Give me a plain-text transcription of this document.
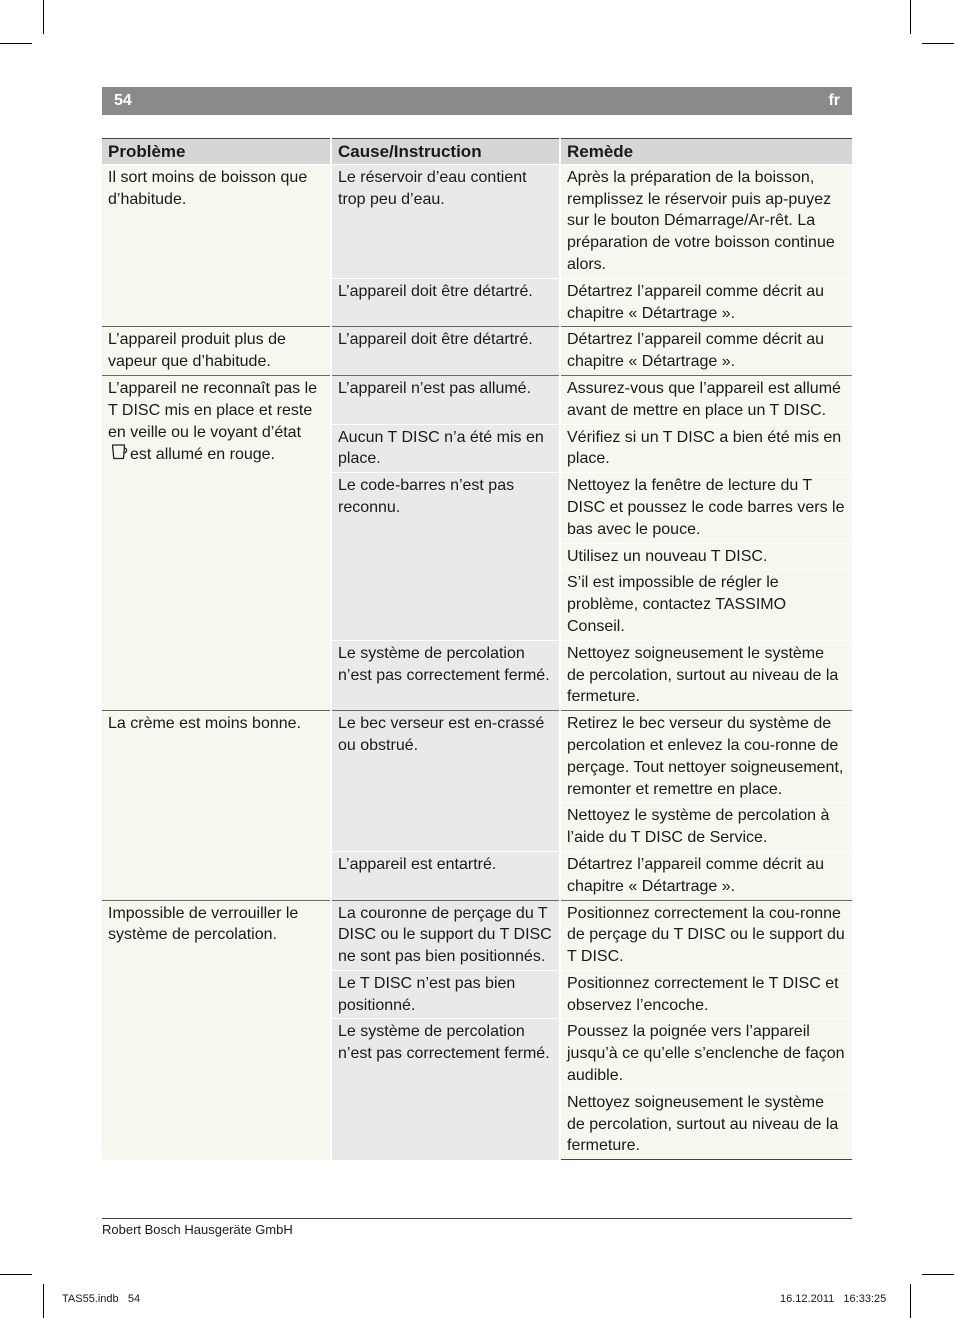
54	fr
Problème	Cause/Instruction	Remède
Il sort moins de boisson que d’habitude.	Le réservoir d’eau contient trop peu d’eau.	Après la préparation de la boisson, remplissez le réservoir puis ap-puyez sur le bouton Démarrage/Ar-rêt. La préparation de votre boisson continue alors.
	L’appareil doit être détartré.	Détartrez l’appareil comme décrit au chapitre « Détartrage ».
L’appareil produit plus de vapeur que d’habitude.	L’appareil doit être détartré.	Détartrez l’appareil comme décrit au chapitre « Détartrage ».
L’appareil ne reconnaît pas le T DISC mis en place et reste en veille ou le voyant d’état est allumé en rouge.	L’appareil n’est pas allumé.	Assurez-vous que l’appareil est allumé avant de mettre en place un T DISC.
	Aucun T DISC n’a été mis en place.	Vérifiez si un T DISC a bien été mis en place.
	Le code-barres n’est pas reconnu.	Nettoyez la fenêtre de lecture du T DISC et poussez le code barres vers le bas avec le pouce.
		Utilisez un nouveau T DISC.
		S’il est impossible de régler le problème, contactez TASSIMO Conseil.
	Le système de percolation n’est pas correctement fermé.	Nettoyez soigneusement le système de percolation, surtout au niveau de la fermeture.
La crème est moins bonne.	Le bec verseur est en-crassé ou obstrué.	Retirez le bec verseur du système de percolation et enlevez la cou-ronne de perçage. Tout nettoyer soigneusement, remonter et remettre en place.
		Nettoyez le système de percolation à l’aide du T DISC de Service.
	L’appareil est entartré.	Détartrez l’appareil comme décrit au chapitre « Détartrage ».
Impossible de verrouiller le système de percolation.	La couronne de perçage du T DISC ou le support du T DISC ne sont pas bien positionnés.	Positionnez correctement la cou-ronne de perçage du T DISC ou le support du T DISC.
	Le T DISC n’est pas bien positionné.	Positionnez correctement le T DISC et observez l’encoche.
	Le système de percolation n’est pas correctement fermé.	Poussez la poignée vers l’appareil jusqu’à ce qu’elle s’enclenche de façon audible.
		Nettoyez soigneusement le système de percolation, surtout au niveau de la fermeture.
Robert Bosch Hausgeräte GmbH
TAS55.indb   54	16.12.2011   16:33:25
